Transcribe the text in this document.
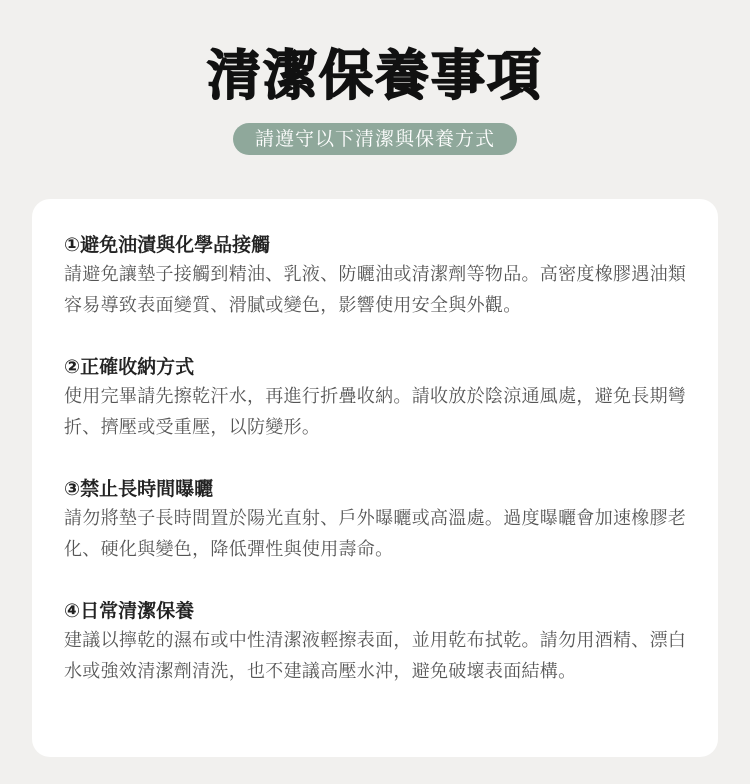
清潔保養事項
請遵守以下清潔與保養方式
①避免油漬與化學品接觸
請避免讓墊子接觸到精油、乳液、防曬油或清潔劑等物品。高密度橡膠遇油類容易導致表面變質、滑膩或變色，影響使用安全與外觀。
②正確收納方式
使用完畢請先擦乾汗水，再進行折疊收納。請收放於陰涼通風處，避免長期彎折、擠壓或受重壓，以防變形。
③禁止長時間曝曬
請勿將墊子長時間置於陽光直射、戶外曝曬或高溫處。過度曝曬會加速橡膠老化、硬化與變色，降低彈性與使用壽命。
④日常清潔保養
建議以擰乾的濕布或中性清潔液輕擦表面，並用乾布拭乾。請勿用酒精、漂白水或強效清潔劑清洗，也不建議高壓水沖，避免破壞表面結構。
